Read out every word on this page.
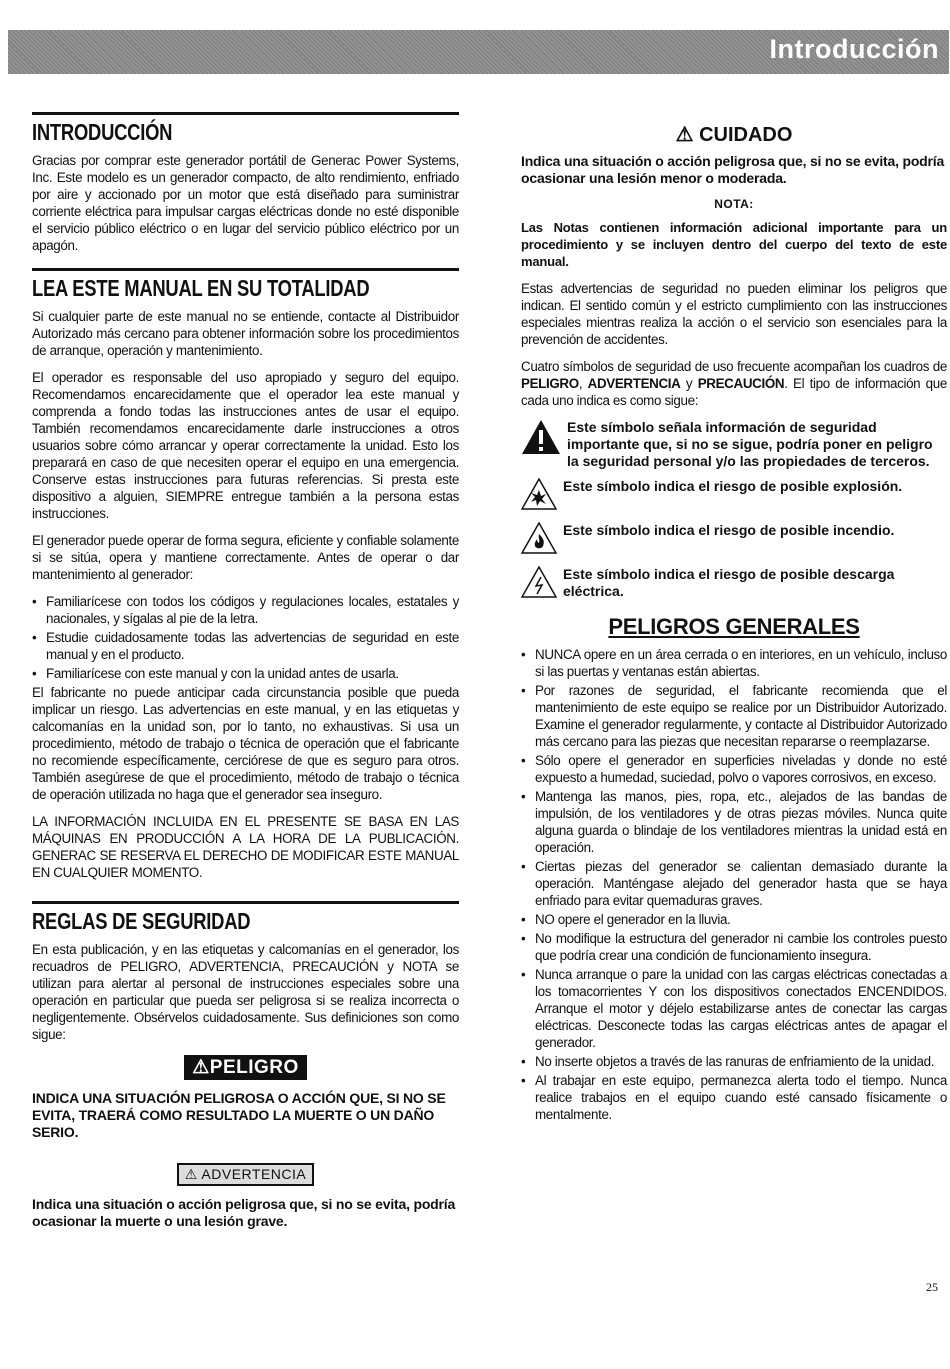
Introducción
INTRODUCCIÓN

Gracias por comprar este generador portátil de Generac Power Systems, Inc. Este modelo es un generador compacto, de alto rendimiento, enfriado por aire y accionado por un motor que está diseñado para suministrar corriente eléctrica para impulsar cargas eléctricas donde no esté disponible el servicio público eléctrico o en lugar del servicio público eléctrico por un apagón.

LEA ESTE MANUAL EN SU TOTALIDAD

Si cualquier parte de este manual no se entiende, contacte al Distribuidor Autorizado más cercano para obtener información sobre los procedimientos de arranque, operación y mantenimiento.

El operador es responsable del uso apropiado y seguro del equipo. Recomendamos encarecidamente que el operador lea este manual y comprenda a fondo todas las instrucciones antes de usar el equipo. También recomendamos encarecidamente darle instrucciones a otros usuarios sobre cómo arrancar y operar correctamente la unidad. Esto los preparará en caso de que necesiten operar el equipo en una emergencia. Conserve estas instrucciones para futuras referencias. Si presta este dispositivo a alguien, SIEMPRE entregue también a la persona estas instrucciones.

El generador puede operar de forma segura, eficiente y confiable solamente si se sitúa, opera y mantiene correctamente. Antes de operar o dar mantenimiento al generador:

• Familiarícese con todos los códigos y regulaciones locales, estatales y nacionales, y sígalas al pie de la letra.
• Estudie cuidadosamente todas las advertencias de seguridad en este manual y en el producto.
• Familiarícese con este manual y con la unidad antes de usarla.

El fabricante no puede anticipar cada circunstancia posible que pueda implicar un riesgo. Las advertencias en este manual, y en las etiquetas y calcomanías en la unidad son, por lo tanto, no exhaustivas. Si usa un procedimiento, método de trabajo o técnica de operación que el fabricante no recomiende específicamente, cerciórese de que es seguro para otros. También asegúrese de que el procedimiento, método de trabajo o técnica de operación utilizada no haga que el generador sea inseguro.

LA INFORMACIÓN INCLUIDA EN EL PRESENTE SE BASA EN LAS MÁQUINAS EN PRODUCCIÓN A LA HORA DE LA PUBLICACIÓN. GENERAC SE RESERVA EL DERECHO DE MODIFICAR ESTE MANUAL EN CUALQUIER MOMENTO.

REGLAS DE SEGURIDAD

En esta publicación, y en las etiquetas y calcomanías en el generador, los recuadros de PELIGRO, ADVERTENCIA, PRECAUCIÓN y NOTA se utilizan para alertar al personal de instrucciones especiales sobre una operación en particular que pueda ser peligrosa si se realiza incorrecta o negligentemente. Obsérvelos cuidadosamente. Sus definiciones son como sigue:

⚠PELIGRO

INDICA UNA SITUACIÓN PELIGROSA O ACCIÓN QUE, SI NO SE EVITA, TRAERÁ COMO RESULTADO LA MUERTE O UN DAÑO SERIO.

⚠ ADVERTENCIA

Indica una situación o acción peligrosa que, si no se evita, podría ocasionar la muerte o una lesión grave.

⚠ CUIDADO

Indica una situación o acción peligrosa que, si no se evita, podría ocasionar una lesión menor o moderada.

NOTA:

Las Notas contienen información adicional importante para un procedimiento y se incluyen dentro del cuerpo del texto de este manual.

Estas advertencias de seguridad no pueden eliminar los peligros que indican. El sentido común y el estricto cumplimiento con las instrucciones especiales mientras realiza la acción o el servicio son esenciales para la prevención de accidentes.

Cuatro símbolos de seguridad de uso frecuente acompañan los cuadros de PELIGRO, ADVERTENCIA y PRECAUCIÓN. El tipo de información que cada uno indica es como sigue:

Este símbolo señala información de seguridad importante que, si no se sigue, podría poner en peligro la seguridad personal y/o las propiedades de terceros.
Este símbolo indica el riesgo de posible explosión.
Este símbolo indica el riesgo de posible incendio.
Este símbolo indica el riesgo de posible descarga eléctrica.
PELIGROS GENERALES
• NUNCA opere en un área cerrada o en interiores, en un vehículo, incluso si las puertas y ventanas están abiertas.
• Por razones de seguridad, el fabricante recomienda que el mantenimiento de este equipo se realice por un Distribuidor Autorizado. Examine el generador regularmente, y contacte al Distribuidor Autorizado más cercano para las piezas que necesitan repararse o reemplazarse.
• Sólo opere el generador en superficies niveladas y donde no esté expuesto a humedad, suciedad, polvo o vapores corrosivos, en exceso.
• Mantenga las manos, pies, ropa, etc., alejados de las bandas de impulsión, de los ventiladores y de otras piezas móviles. Nunca quite alguna guarda o blindaje de los ventiladores mientras la unidad está en operación.
• Ciertas piezas del generador se calientan demasiado durante la operación. Manténgase alejado del generador hasta que se haya enfriado para evitar quemaduras graves.
• NO opere el generador en la lluvia.
• No modifique la estructura del generador ni cambie los controles puesto que podría crear una condición de funcionamiento insegura.
• Nunca arranque o pare la unidad con las cargas eléctricas conectadas a los tomacorrientes Y con los dispositivos conectados ENCENDIDOS. Arranque el motor y déjelo estabilizarse antes de conectar las cargas eléctricas. Desconecte todas las cargas eléctricas antes de apagar el generador.
• No inserte objetos a través de las ranuras de enfriamiento de la unidad.
• Al trabajar en este equipo, permanezca alerta todo el tiempo. Nunca realice trabajos en el equipo cuando esté cansado físicamente o mentalmente.
25
